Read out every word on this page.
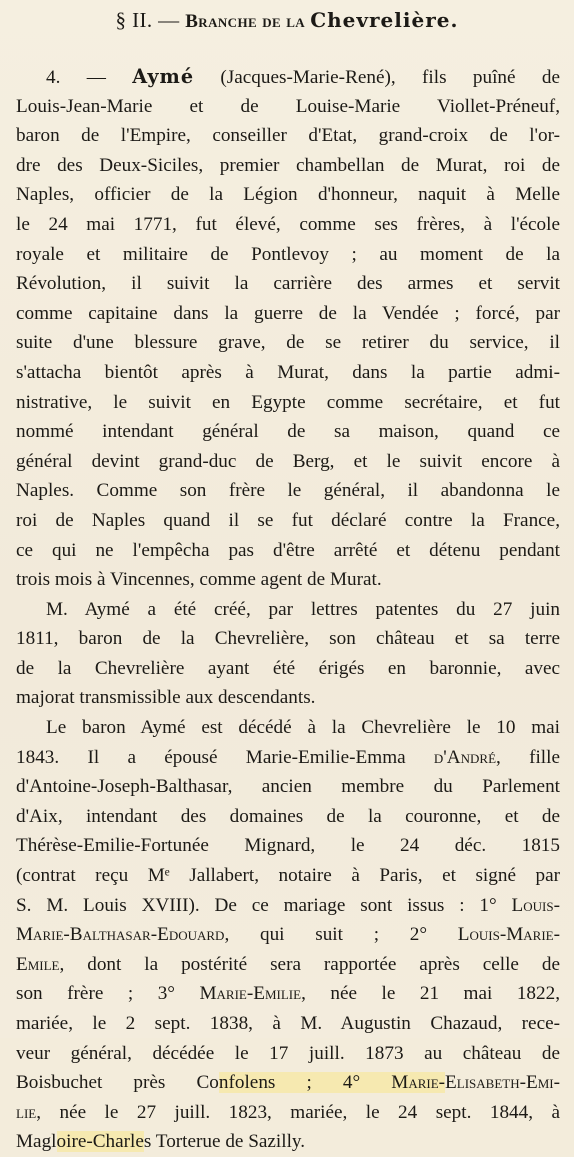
§ II. — Branche de la Chevrelière.
4. — Aymé (Jacques-Marie-René), fils puîné de
Louis-Jean-Marie et de Louise-Marie Viollet-Préneuf,
baron de l'Empire, conseiller d'Etat, grand-croix de l'or-
dre des Deux-Siciles, premier chambellan de Murat, roi de
Naples, officier de la Légion d'honneur, naquit à Melle
le 24 mai 1771, fut élevé, comme ses frères, à l'école
royale et militaire de Pontlevoy ; au moment de la
Révolution, il suivit la carrière des armes et servit
comme capitaine dans la guerre de la Vendée ; forcé, par
suite d'une blessure grave, de se retirer du service, il
s'attacha bientôt après à Murat, dans la partie admi-
nistrative, le suivit en Egypte comme secrétaire, et fut
nommé intendant général de sa maison, quand ce
général devint grand-duc de Berg, et le suivit encore à
Naples. Comme son frère le général, il abandonna le
roi de Naples quand il se fut déclaré contre la France,
ce qui ne l'empêcha pas d'être arrêté et détenu pendant
trois mois à Vincennes, comme agent de Murat.
M. Aymé a été créé, par lettres patentes du 27 juin
1811, baron de la Chevrelière, son château et sa terre
de la Chevrelière ayant été érigés en baronnie, avec
majorat transmissible aux descendants.
Le baron Aymé est décédé à la Chevrelière le 10 mai
1843. Il a épousé Marie-Emilie-Emma d'André, fille
d'Antoine-Joseph-Balthasar, ancien membre du Parlement
d'Aix, intendant des domaines de la couronne, et de
Thérèse-Emilie-Fortunée Mignard, le 24 déc. 1815
(contrat reçu Mᵉ Jallabert, notaire à Paris, et signé par
S. M. Louis XVIII). De ce mariage sont issus : 1° Louis-
Marie-Balthasar-Edouard, qui suit ; 2° Louis-Marie-
Emile, dont la postérité sera rapportée après celle de
son frère ; 3° Marie-Emilie, née le 21 mai 1822,
mariée, le 2 sept. 1838, à M. Augustin Chazaud, rece-
veur général, décédée le 17 juill. 1873 au château de
Boisbuchet près Confolens ; 4° Marie-Elisabeth-Emi-
lie, née le 27 juill. 1823, mariée, le 24 sept. 1844, à
Magloire-Charles Torterue de Sazilly.
